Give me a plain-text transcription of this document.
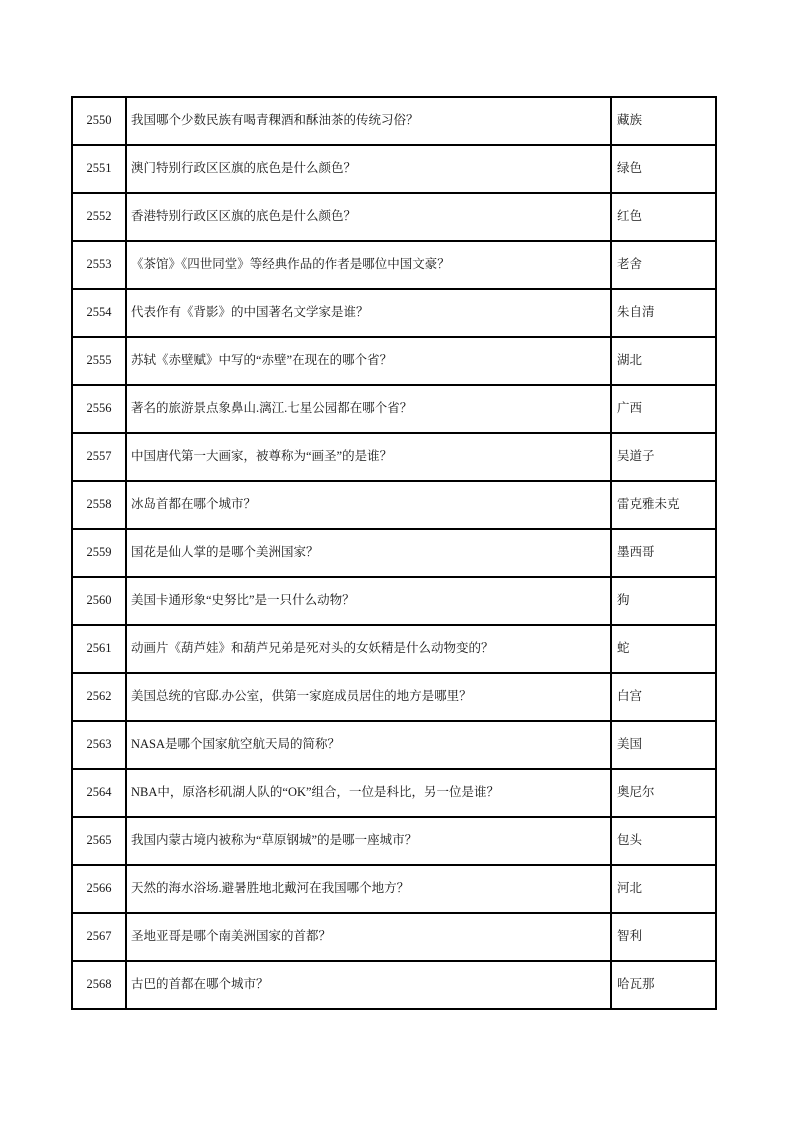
2550	我国哪个少数民族有喝青稞酒和酥油茶的传统习俗？	藏族
2551	澳门特别行政区区旗的底色是什么颜色？	绿色
2552	香港特别行政区区旗的底色是什么颜色？	红色
2553	《茶馆》《四世同堂》等经典作品的作者是哪位中国文豪？	老舍
2554	代表作有《背影》的中国著名文学家是谁？	朱自清
2555	苏轼《赤壁赋》中写的“赤壁”在现在的哪个省？	湖北
2556	著名的旅游景点象鼻山.漓江.七星公园都在哪个省？	广西
2557	中国唐代第一大画家，被尊称为“画圣”的是谁？	吴道子
2558	冰岛首都在哪个城市？	雷克雅未克
2559	国花是仙人掌的是哪个美洲国家？	墨西哥
2560	美国卡通形象“史努比”是一只什么动物？	狗
2561	动画片《葫芦娃》和葫芦兄弟是死对头的女妖精是什么动物变的？	蛇
2562	美国总统的官邸.办公室，供第一家庭成员居住的地方是哪里？	白宫
2563	NASA是哪个国家航空航天局的简称？	美国
2564	NBA中，原洛杉矶湖人队的“OK”组合，一位是科比，另一位是谁？	奥尼尔
2565	我国内蒙古境内被称为“草原钢城”的是哪一座城市？	包头
2566	天然的海水浴场.避暑胜地北戴河在我国哪个地方？	河北
2567	圣地亚哥是哪个南美洲国家的首都？	智利
2568	古巴的首都在哪个城市？	哈瓦那
